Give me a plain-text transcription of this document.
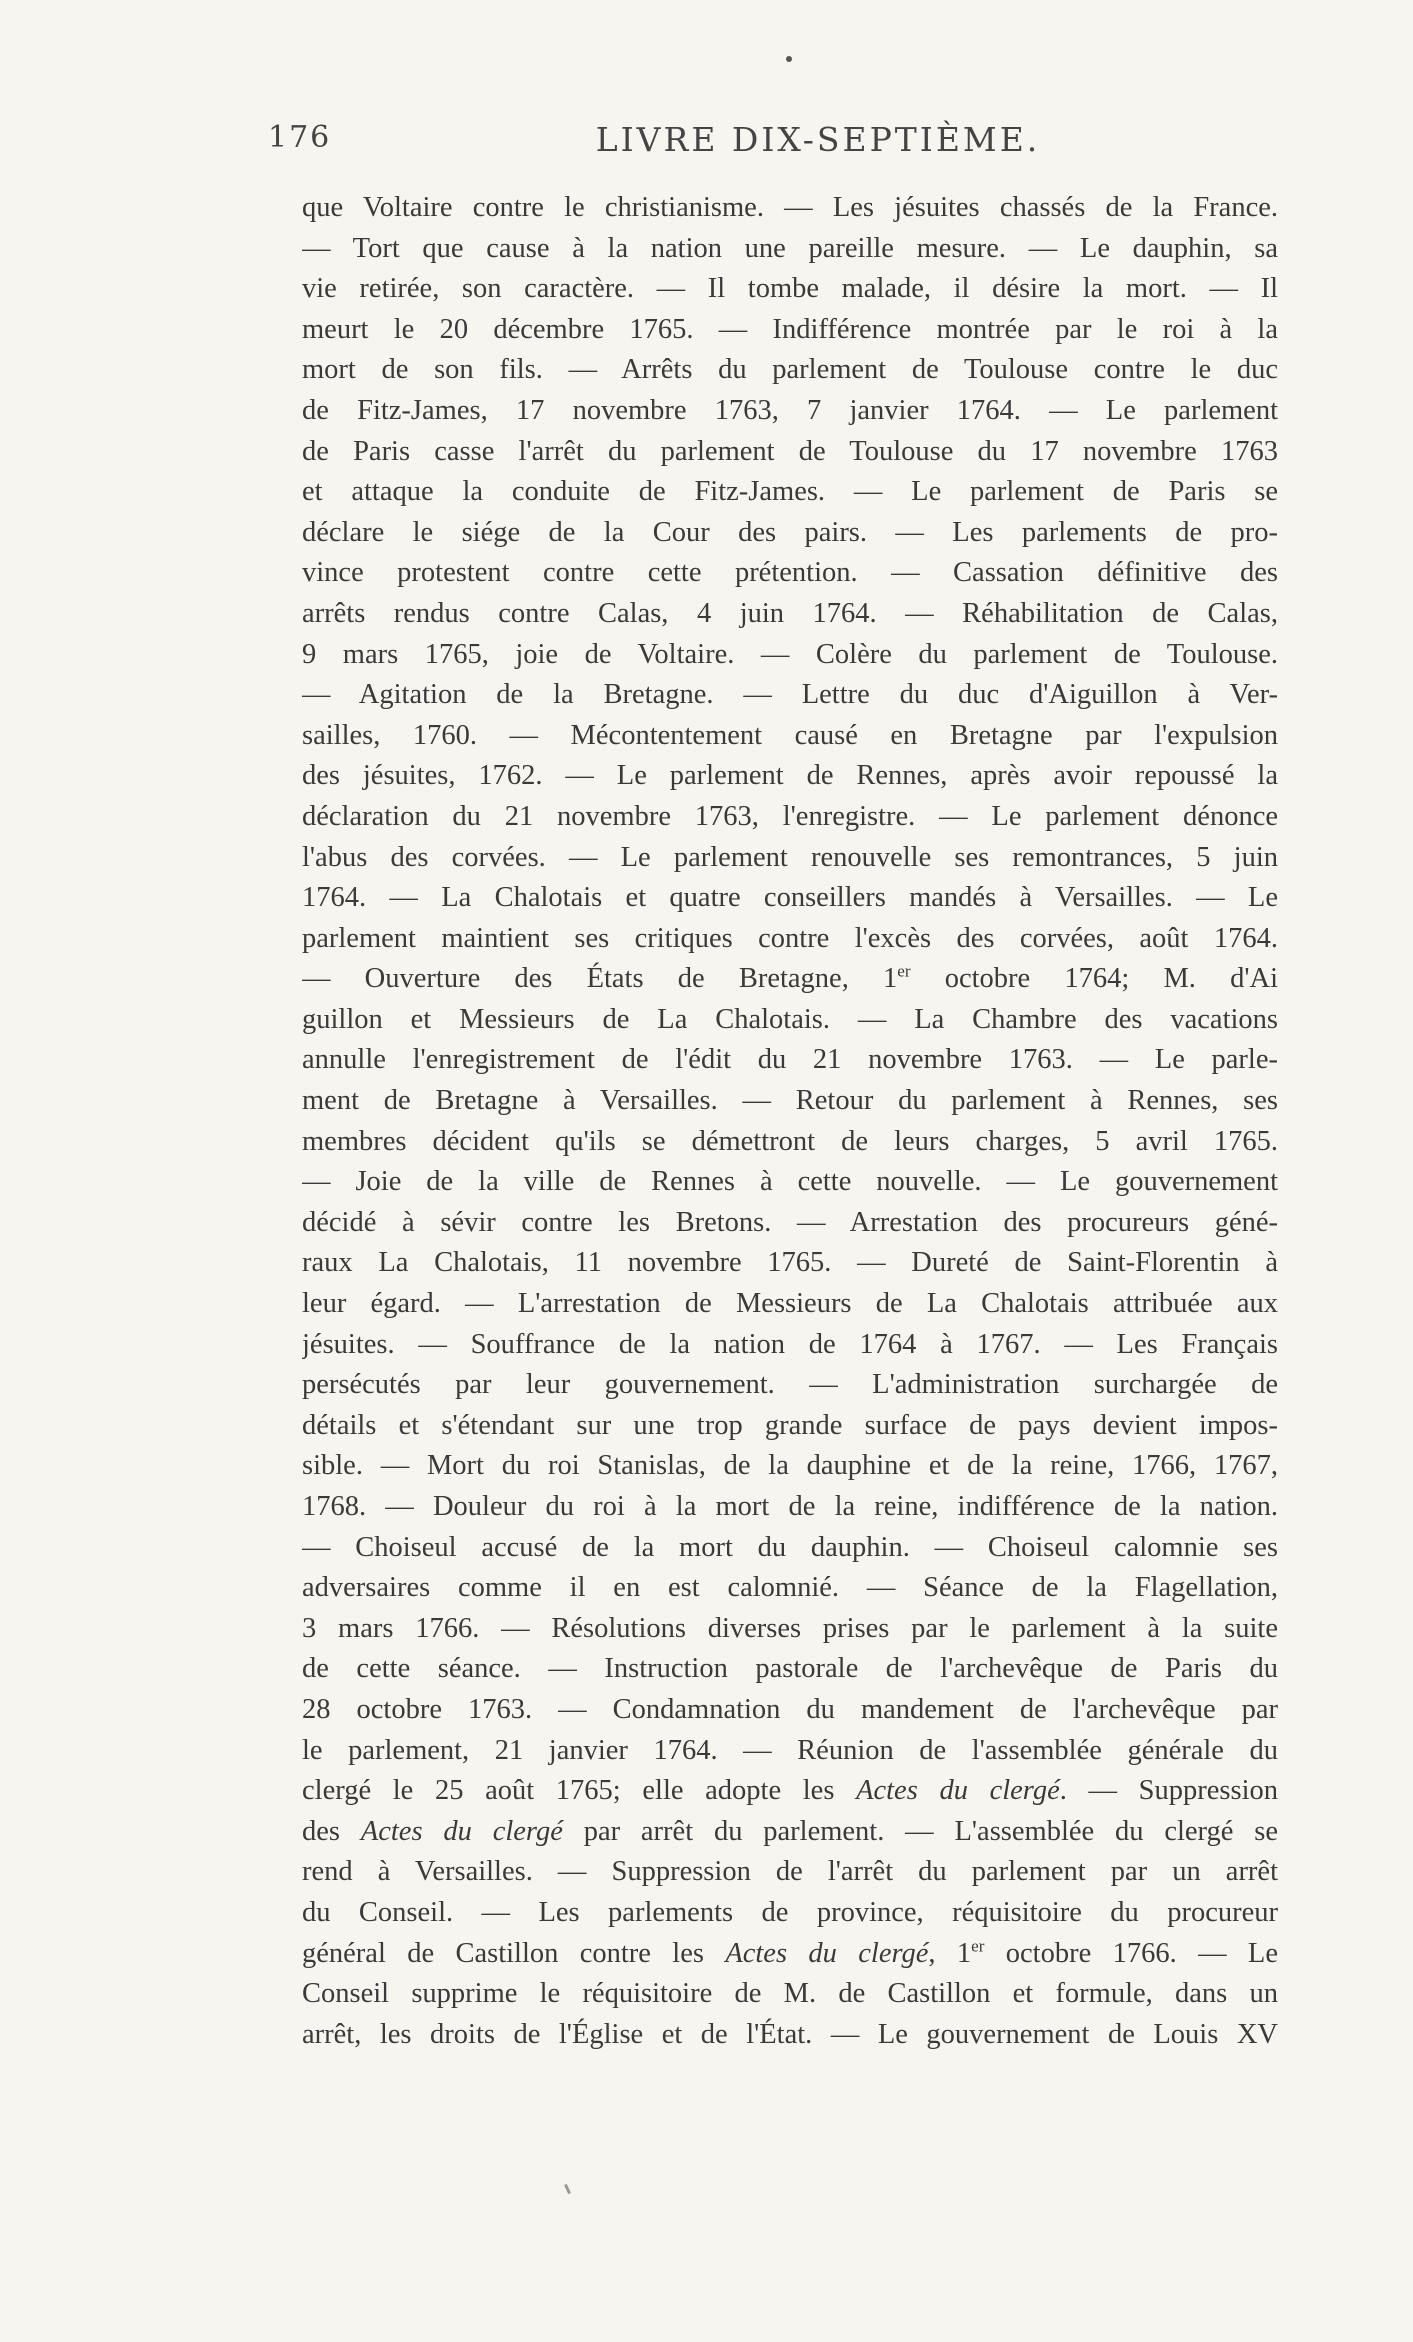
176	LIVRE DIX-SEPTIÈME.
que Voltaire contre le christianisme. — Les jésuites chassés de la France.
— Tort que cause à la nation une pareille mesure. — Le dauphin, sa
vie retirée, son caractère. — Il tombe malade, il désire la mort. — Il
meurt le 20 décembre 1765. — Indifférence montrée par le roi à la
mort de son fils. — Arrêts du parlement de Toulouse contre le duc
de Fitz-James, 17 novembre 1763, 7 janvier 1764. — Le parlement
de Paris casse l'arrêt du parlement de Toulouse du 17 novembre 1763
et attaque la conduite de Fitz-James. — Le parlement de Paris se
déclare le siége de la Cour des pairs. — Les parlements de pro-
vince protestent contre cette prétention. — Cassation définitive des
arrêts rendus contre Calas, 4 juin 1764. — Réhabilitation de Calas,
9 mars 1765, joie de Voltaire. — Colère du parlement de Toulouse.
— Agitation de la Bretagne. — Lettre du duc d'Aiguillon à Ver-
sailles, 1760. — Mécontentement causé en Bretagne par l'expulsion
des jésuites, 1762. — Le parlement de Rennes, après avoir repoussé la
déclaration du 21 novembre 1763, l'enregistre. — Le parlement dénonce
l'abus des corvées. — Le parlement renouvelle ses remontrances, 5 juin
1764. — La Chalotais et quatre conseillers mandés à Versailles. — Le
parlement maintient ses critiques contre l'excès des corvées, août 1764.
— Ouverture des États de Bretagne, 1er octobre 1764; M. d'Ai
guillon et Messieurs de La Chalotais. — La Chambre des vacations
annulle l'enregistrement de l'édit du 21 novembre 1763. — Le parle-
ment de Bretagne à Versailles. — Retour du parlement à Rennes, ses
membres décident qu'ils se démettront de leurs charges, 5 avril 1765.
— Joie de la ville de Rennes à cette nouvelle. — Le gouvernement
décidé à sévir contre les Bretons. — Arrestation des procureurs géné-
raux La Chalotais, 11 novembre 1765. — Dureté de Saint-Florentin à
leur égard. — L'arrestation de Messieurs de La Chalotais attribuée aux
jésuites. — Souffrance de la nation de 1764 à 1767. — Les Français
persécutés par leur gouvernement. — L'administration surchargée de
détails et s'étendant sur une trop grande surface de pays devient impos-
sible. — Mort du roi Stanislas, de la dauphine et de la reine, 1766, 1767,
1768. — Douleur du roi à la mort de la reine, indifférence de la nation.
— Choiseul accusé de la mort du dauphin. — Choiseul calomnie ses
adversaires comme il en est calomnié. — Séance de la Flagellation,
3 mars 1766. — Résolutions diverses prises par le parlement à la suite
de cette séance. — Instruction pastorale de l'archevêque de Paris du
28 octobre 1763. — Condamnation du mandement de l'archevêque par
le parlement, 21 janvier 1764. — Réunion de l'assemblée générale du
clergé le 25 août 1765; elle adopte les Actes du clergé. — Suppression
des Actes du clergé par arrêt du parlement. — L'assemblée du clergé se
rend à Versailles. — Suppression de l'arrêt du parlement par un arrêt
du Conseil. — Les parlements de province, réquisitoire du procureur
général de Castillon contre les Actes du clergé, 1er octobre 1766. — Le
Conseil supprime le réquisitoire de M. de Castillon et formule, dans un
arrêt, les droits de l'Église et de l'État. — Le gouvernement de Louis XV
